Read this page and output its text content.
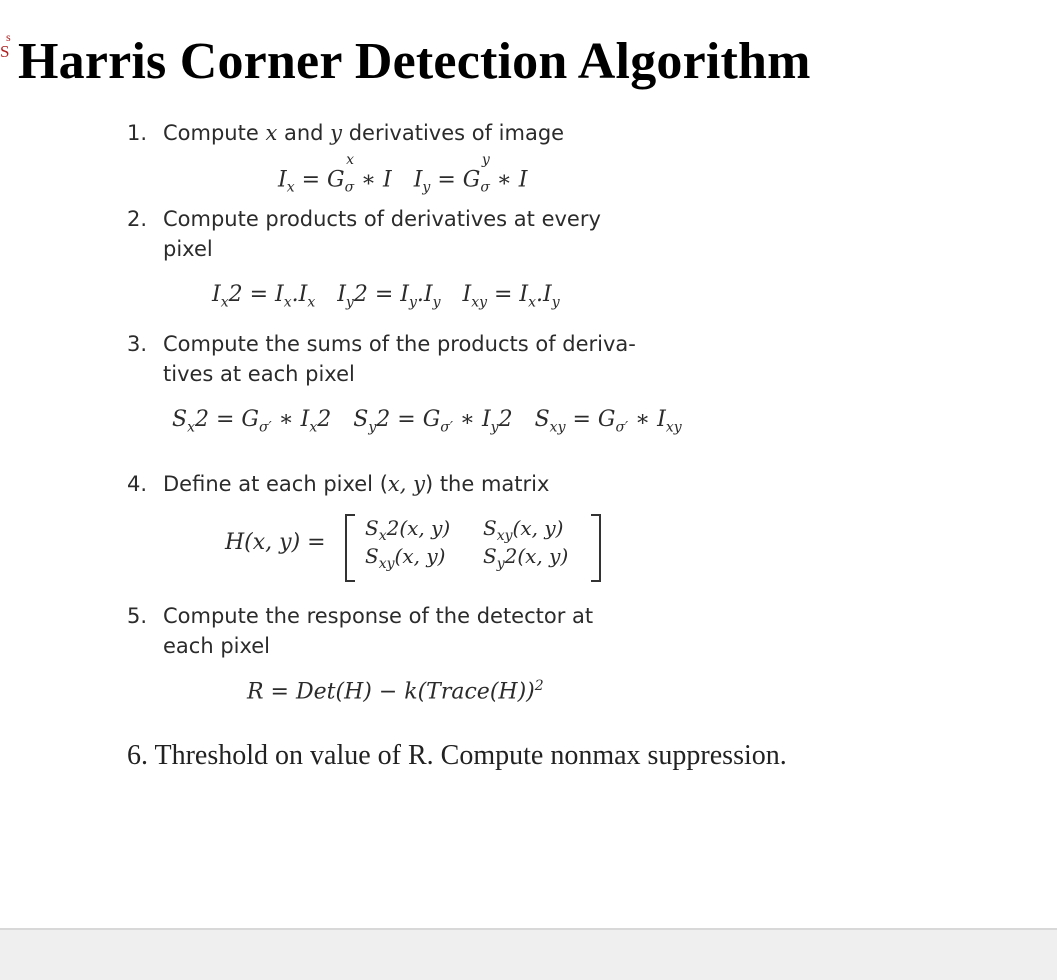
s
S Harris Corner Detection Algorithm
1. Compute x and y derivatives of image
$I_x = G_\sigma^x$ ∗ I $I_y = G_\sigma^y$ ∗ I
2. Compute products of derivatives at every
pixel
$I_x2 = I_x.I_x$ $I_y2 = I_y.I_y$ $I_{xy} = I_x.I_y$
3. Compute the sums of the products of deriva-
tives at each pixel
$S_x2 = G_{\sigma'}$ ∗ $I_x2$ $S_y2 = G_{\sigma'}$ ∗ $I_y2$ $S_{xy} = G_{\sigma'}$ ∗ $I_{xy}$
4. Define at each pixel (x, y) the matrix
H(x, y) =
$S_x2(x$, y) $S_{xy}(x$, y)
$S_{xy}(x$, y) $S_y2(x$, y)
5. Compute the response of the detector at
each pixel
R = Det(H) − k(Trace(H))$^2$
6. Threshold on value of R. Compute nonmax suppression.
